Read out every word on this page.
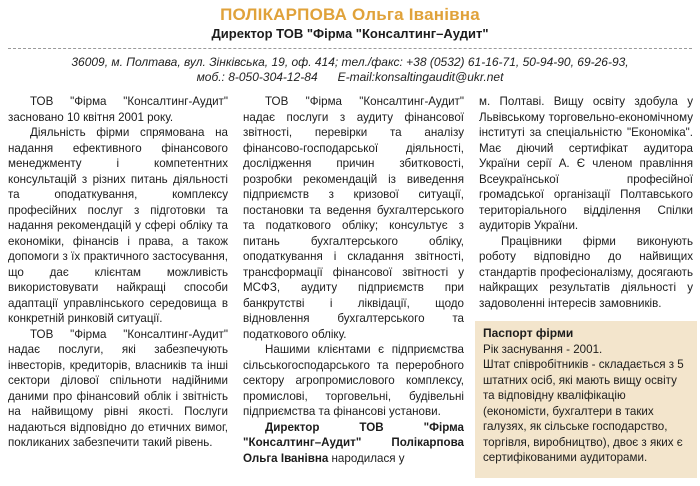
ПОЛІКАРПОВА Ольга Іванівна
Директор ТОВ "Фірма "Консалтинг–Аудит"
36009, м. Полтава, вул. Зінківська, 19, оф. 414; тел./факс: +38 (0532) 61-16-71, 50-94-90, 69-26-93,
моб.: 8-050-304-12-84      E-mail:konsaltingaudit@ukr.net

ТОВ "Фірма "Консалтинг-Аудит" засновано 10 квітня 2001 року.

Діяльність фірми спрямована на надання ефективного фінансового менеджменту і компетентних консультацій з різних питань діяльності та оподаткування, комплексу професійних послуг з підготовки та надання рекомендацій у сфері обліку та економіки, фінансів і права, а також допомоги з їх практичного застосування, що дає клієнтам можливість використовувати найкращі способи адаптації управлінського середовища в конкретній ринковій ситуації.

ТОВ "Фірма "Консалтинг-Аудит" надає послуги, які забезпечують інвесторів, кредиторів, власників та інші сектори ділової спільноти надійними даними про фінансовий облік і звітність на найвищому рівні якості. Послуги надаються відповідно до етичних вимог, покликаних забезпечити такий рівень.

ТОВ "Фірма "Консалтинг-Аудит" надає послуги з аудиту фінансової звітності, перевірки та аналізу фінансово-господарської діяльності, дослідження причин збитковості, розробки рекомендацій із виведення підприємств з кризової ситуації, постановки та ведення бухгалтерського та податкового обліку; консультує з питань бухгалтерського обліку, оподаткування і складання звітності, трансформації фінансової звітності у МСФЗ, аудиту підприємств при банкрутстві і ліквідації, щодо відновлення бухгалтерського та податкового обліку.

Нашими клієнтами є підприємства сільськогосподарського та переробного сектору агропромислового комплексу, промислові, торговельні, будівельні підприємства та фінансові установи.

Директор ТОВ "Фірма "Консалтинг–Аудит" Полікарпова Ольга Іванівна народилася у

м. Полтаві. Вищу освіту здобула у Львівському торговельно-економічному інституті за спеціальністю "Економіка". Має діючий сертифікат аудитора України серії А. Є членом правління Всеукраїнської професійної громадської організації Полтавського територіального відділення Спілки аудиторів України.

Працівники фірми виконують роботу відповідно до найвищих стандартів професіоналізму, досягають найкращих результатів діяльності у задоволенні інтересів замовників.

Паспорт фірми

Рік заснування - 2001.

Штат співробітників - складається з 5 штатних осіб, які мають вищу освіту та відповідну кваліфікацію (економісти, бухгалтери в таких галузях, як сільське господарство, торгівля, виробництво), двоє з яких є сертифікованими аудиторами.
